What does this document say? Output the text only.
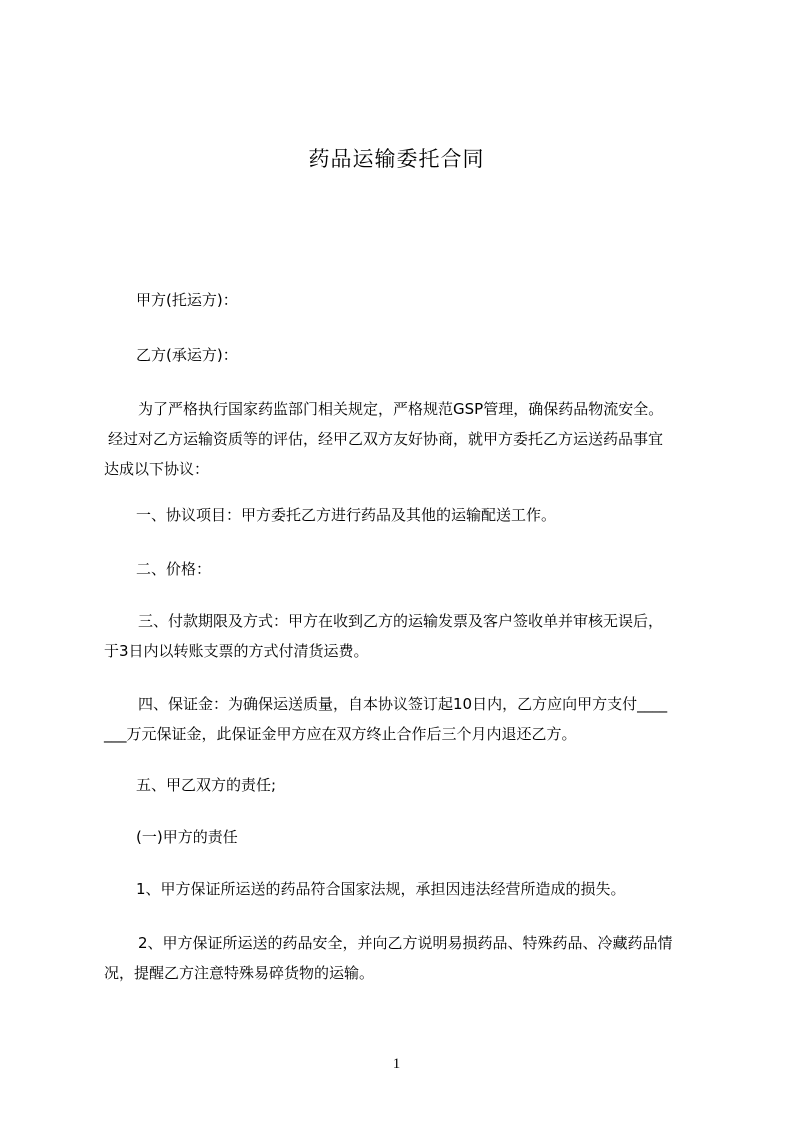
药品运输委托合同

甲方(托运方)：

乙方(承运方)：

为了严格执行国家药监部门相关规定，严格规范GSP管理，确保药品物流安全。
经过对乙方运输资质等的评估，经甲乙双方友好协商，就甲方委托乙方运送药品事宜
达成以下协议：

一、协议项目：甲方委托乙方进行药品及其他的运输配送工作。

二、价格：

三、付款期限及方式：甲方在收到乙方的运输发票及客户签收单并审核无误后，
于3日内以转账支票的方式付清货运费。

四、保证金：为确保运送质量，自本协议签订起10日内，乙方应向甲方支付____
___万元保证金，此保证金甲方应在双方终止合作后三个月内退还乙方。

五、甲乙双方的责任;

(一)甲方的责任

1、甲方保证所运送的药品符合国家法规，承担因违法经营所造成的损失。

2、甲方保证所运送的药品安全，并向乙方说明易损药品、特殊药品、冷藏药品情
况，提醒乙方注意特殊易碎货物的运输。

1
